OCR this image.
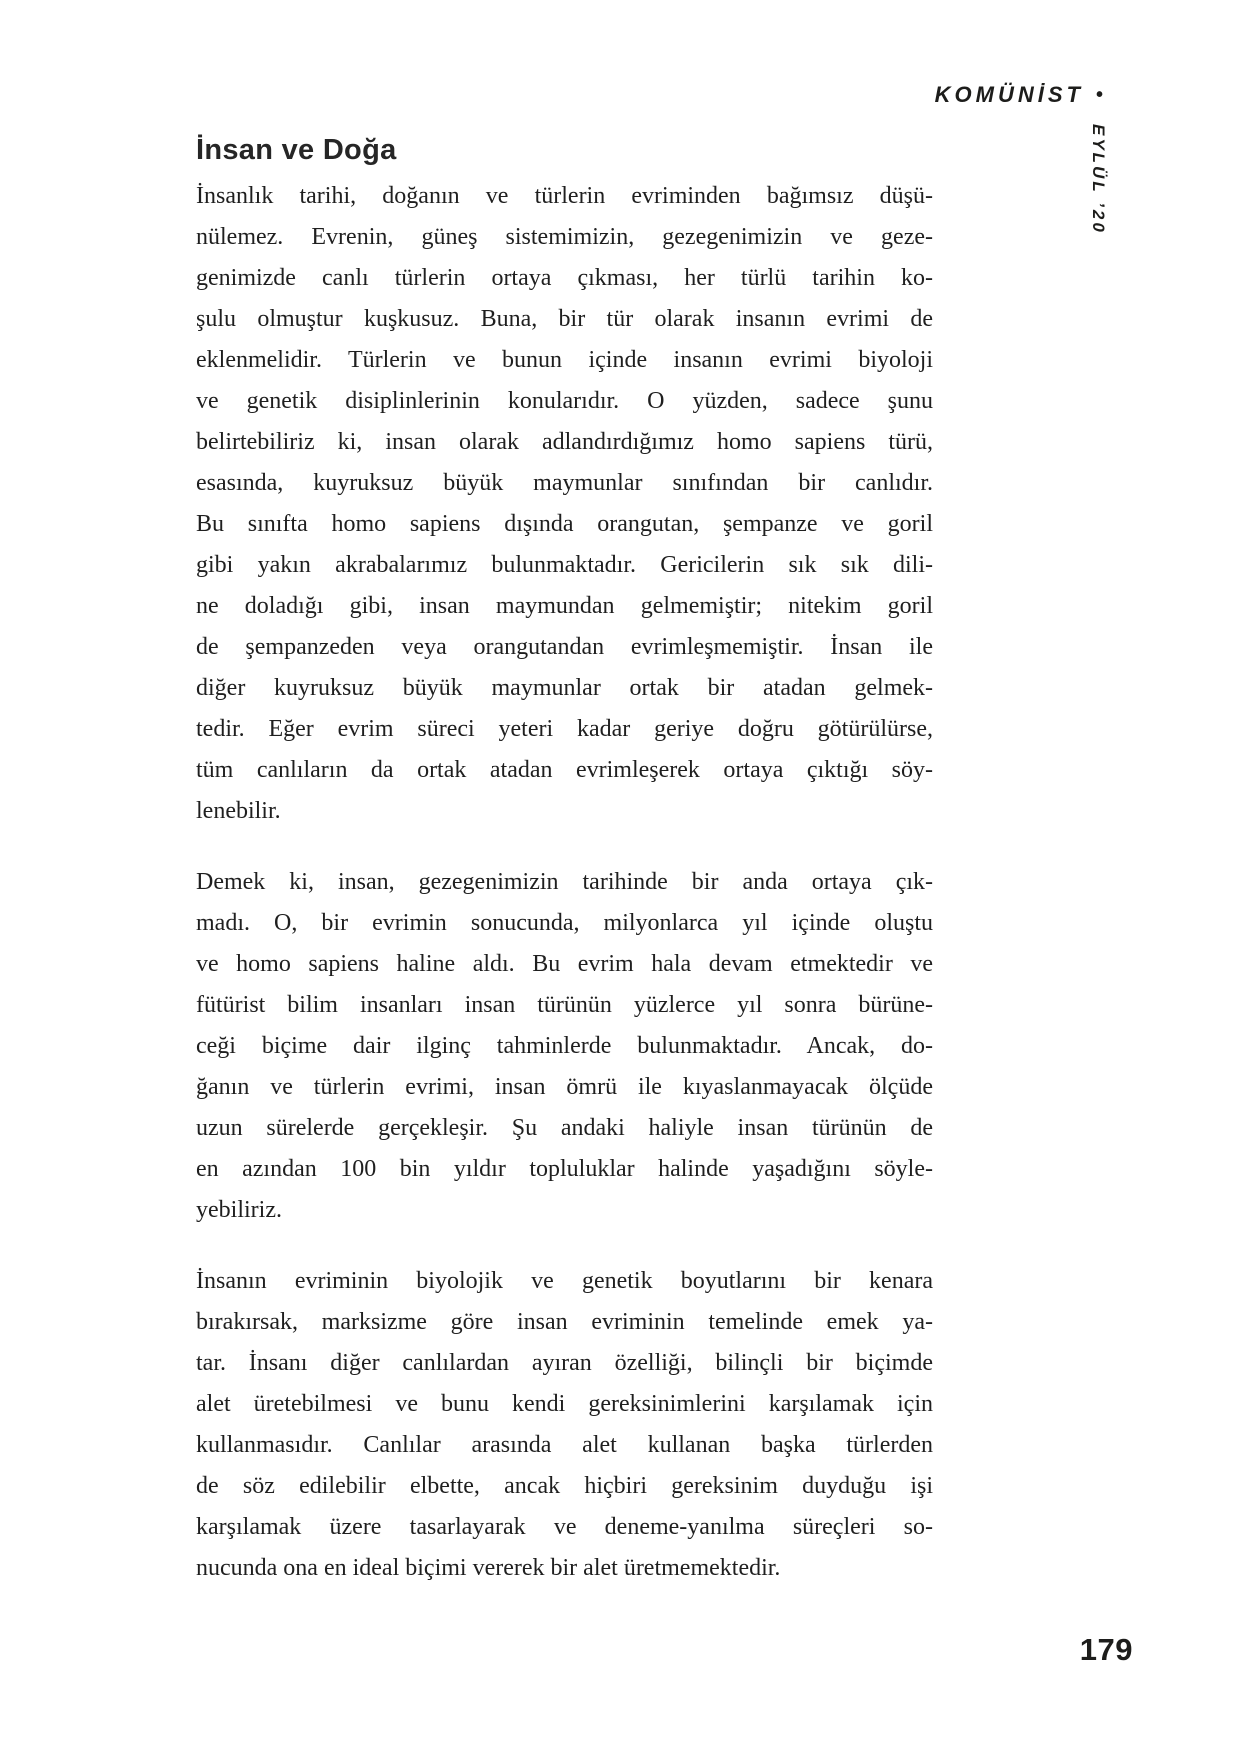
KOMÜNİST •
EYLÜL ’20
İnsan ve Doğa
İnsanlık tarihi, doğanın ve türlerin evriminden bağımsız düşü-
nülemez. Evrenin, güneş sistemimizin, gezegenimizin ve geze-
genimizde canlı türlerin ortaya çıkması, her türlü tarihin ko-
şulu olmuştur kuşkusuz. Buna, bir tür olarak insanın evrimi de
eklenmelidir. Türlerin ve bunun içinde insanın evrimi biyoloji
ve genetik disiplinlerinin konularıdır. O yüzden, sadece şunu
belirtebiliriz ki, insan olarak adlandırdığımız homo sapiens türü,
esasında, kuyruksuz büyük maymunlar sınıfından bir canlıdır.
Bu sınıfta homo sapiens dışında orangutan, şempanze ve goril
gibi yakın akrabalarımız bulunmaktadır. Gericilerin sık sık dili-
ne doladığı gibi, insan maymundan gelmemiştir; nitekim goril
de şempanzeden veya orangutandan evrimleşmemiştir. İnsan ile
diğer kuyruksuz büyük maymunlar ortak bir atadan gelmek-
tedir. Eğer evrim süreci yeteri kadar geriye doğru götürülürse,
tüm canlıların da ortak atadan evrimleşerek ortaya çıktığı söy-
lenebilir.
Demek ki, insan, gezegenimizin tarihinde bir anda ortaya çık-
madı. O, bir evrimin sonucunda, milyonlarca yıl içinde oluştu
ve homo sapiens haline aldı. Bu evrim hala devam etmektedir ve
fütürist bilim insanları insan türünün yüzlerce yıl sonra bürüne-
ceği biçime dair ilginç tahminlerde bulunmaktadır. Ancak, do-
ğanın ve türlerin evrimi, insan ömrü ile kıyaslanmayacak ölçüde
uzun sürelerde gerçekleşir. Şu andaki haliyle insan türünün de
en azından 100 bin yıldır topluluklar halinde yaşadığını söyle-
yebiliriz.
İnsanın evriminin biyolojik ve genetik boyutlarını bir kenara
bırakırsak, marksizme göre insan evriminin temelinde emek ya-
tar. İnsanı diğer canlılardan ayıran özelliği, bilinçli bir biçimde
alet üretebilmesi ve bunu kendi gereksinimlerini karşılamak için
kullanmasıdır. Canlılar arasında alet kullanan başka türlerden
de söz edilebilir elbette, ancak hiçbiri gereksinim duyduğu işi
karşılamak üzere tasarlayarak ve deneme-yanılma süreçleri so-
nucunda ona en ideal biçimi vererek bir alet üretmemektedir.
179
